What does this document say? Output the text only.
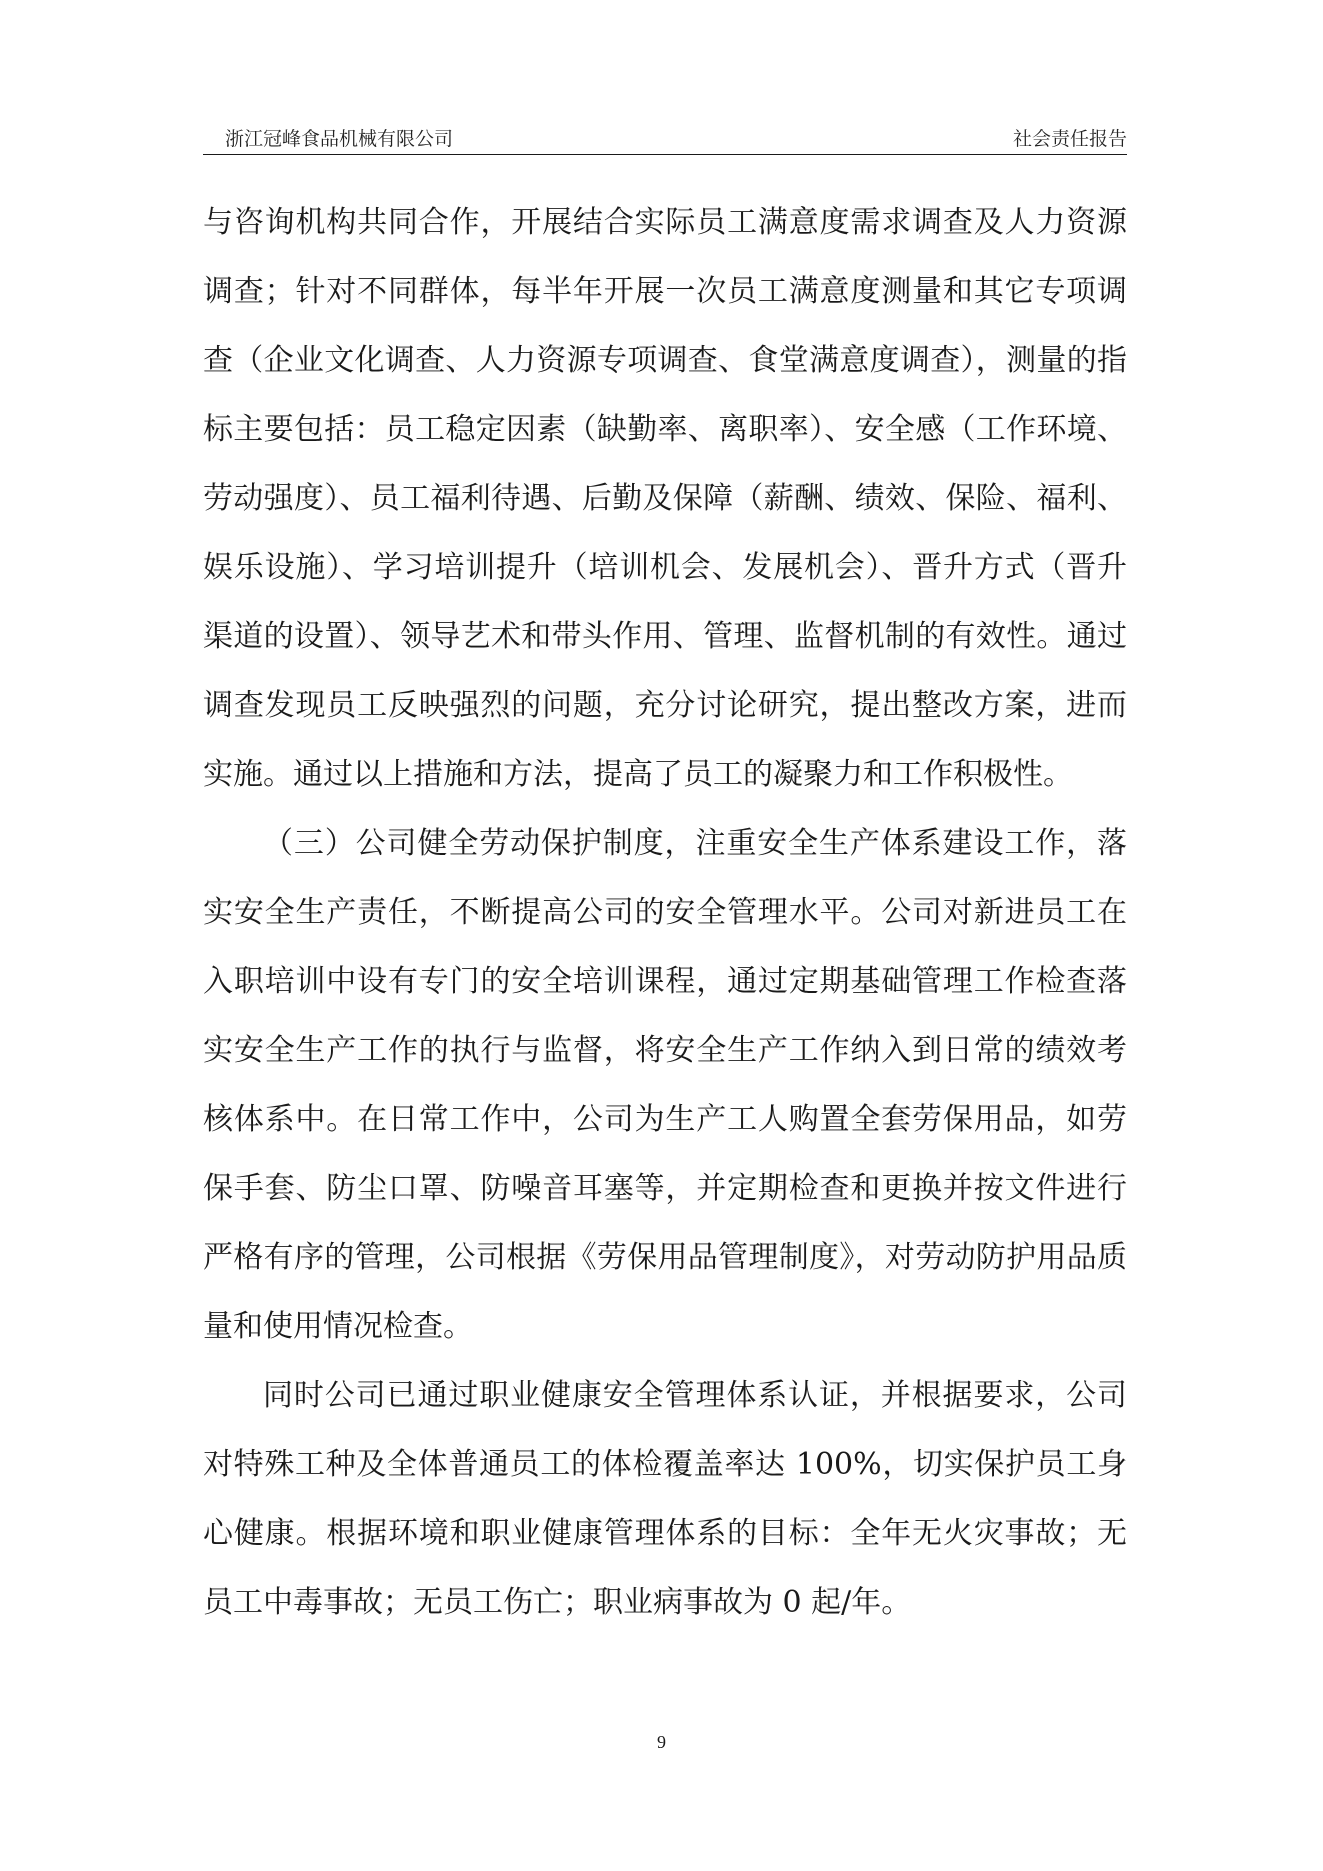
浙江冠峰食品机械有限公司	社会责任报告

与咨询机构共同合作，开展结合实际员工满意度需求调查及人力资源调查；针对不同群体，每半年开展一次员工满意度测量和其它专项调查（企业文化调查、人力资源专项调查、食堂满意度调查），测量的指标主要包括：员工稳定因素（缺勤率、离职率）、安全感（工作环境、劳动强度）、员工福利待遇、后勤及保障（薪酬、绩效、保险、福利、娱乐设施）、学习培训提升（培训机会、发展机会）、晋升方式（晋升渠道的设置）、领导艺术和带头作用、管理、监督机制的有效性。通过调查发现员工反映强烈的问题，充分讨论研究，提出整改方案，进而实施。通过以上措施和方法，提高了员工的凝聚力和工作积极性。

（三）公司健全劳动保护制度，注重安全生产体系建设工作，落实安全生产责任，不断提高公司的安全管理水平。公司对新进员工在入职培训中设有专门的安全培训课程，通过定期基础管理工作检查落实安全生产工作的执行与监督，将安全生产工作纳入到日常的绩效考核体系中。在日常工作中，公司为生产工人购置全套劳保用品，如劳保手套、防尘口罩、防噪音耳塞等，并定期检查和更换并按文件进行严格有序的管理，公司根据《劳保用品管理制度》，对劳动防护用品质量和使用情况检查。

同时公司已通过职业健康安全管理体系认证，并根据要求，公司对特殊工种及全体普通员工的体检覆盖率达 100%，切实保护员工身心健康。根据环境和职业健康管理体系的目标：全年无火灾事故；无员工中毒事故；无员工伤亡；职业病事故为 0 起/年。

9
